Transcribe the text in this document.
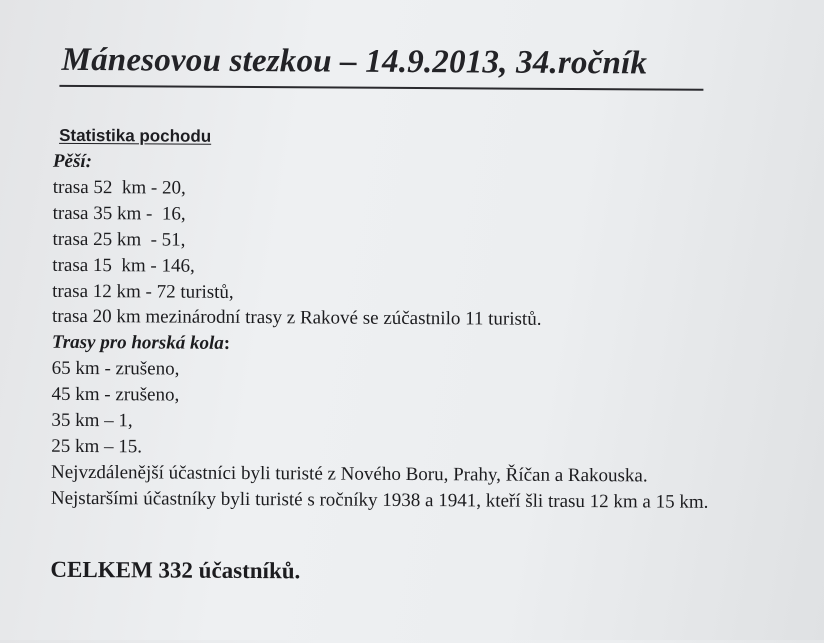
Mánesovou stezkou – 14.9.2013, 34.ročník
Statistika pochodu
Pěší:
trasa 52  km - 20,
trasa 35 km -  16,
trasa 25 km  - 51,
trasa 15  km - 146,
trasa 12 km - 72 turistů,
trasa 20 km mezinárodní trasy z Rakové se zúčastnilo 11 turistů.
Trasy pro horská kola:
65 km - zrušeno,
45 km - zrušeno,
35 km – 1,
25 km – 15.

Nejvzdálenější účastníci byli turisté z Nového Boru, Prahy, Říčan a Rakouska.

Nejstaršími účastníky byli turisté s ročníky 1938 a 1941, kteří šli trasu 12 km a 15 km.

CELKEM 332 účastníků.
